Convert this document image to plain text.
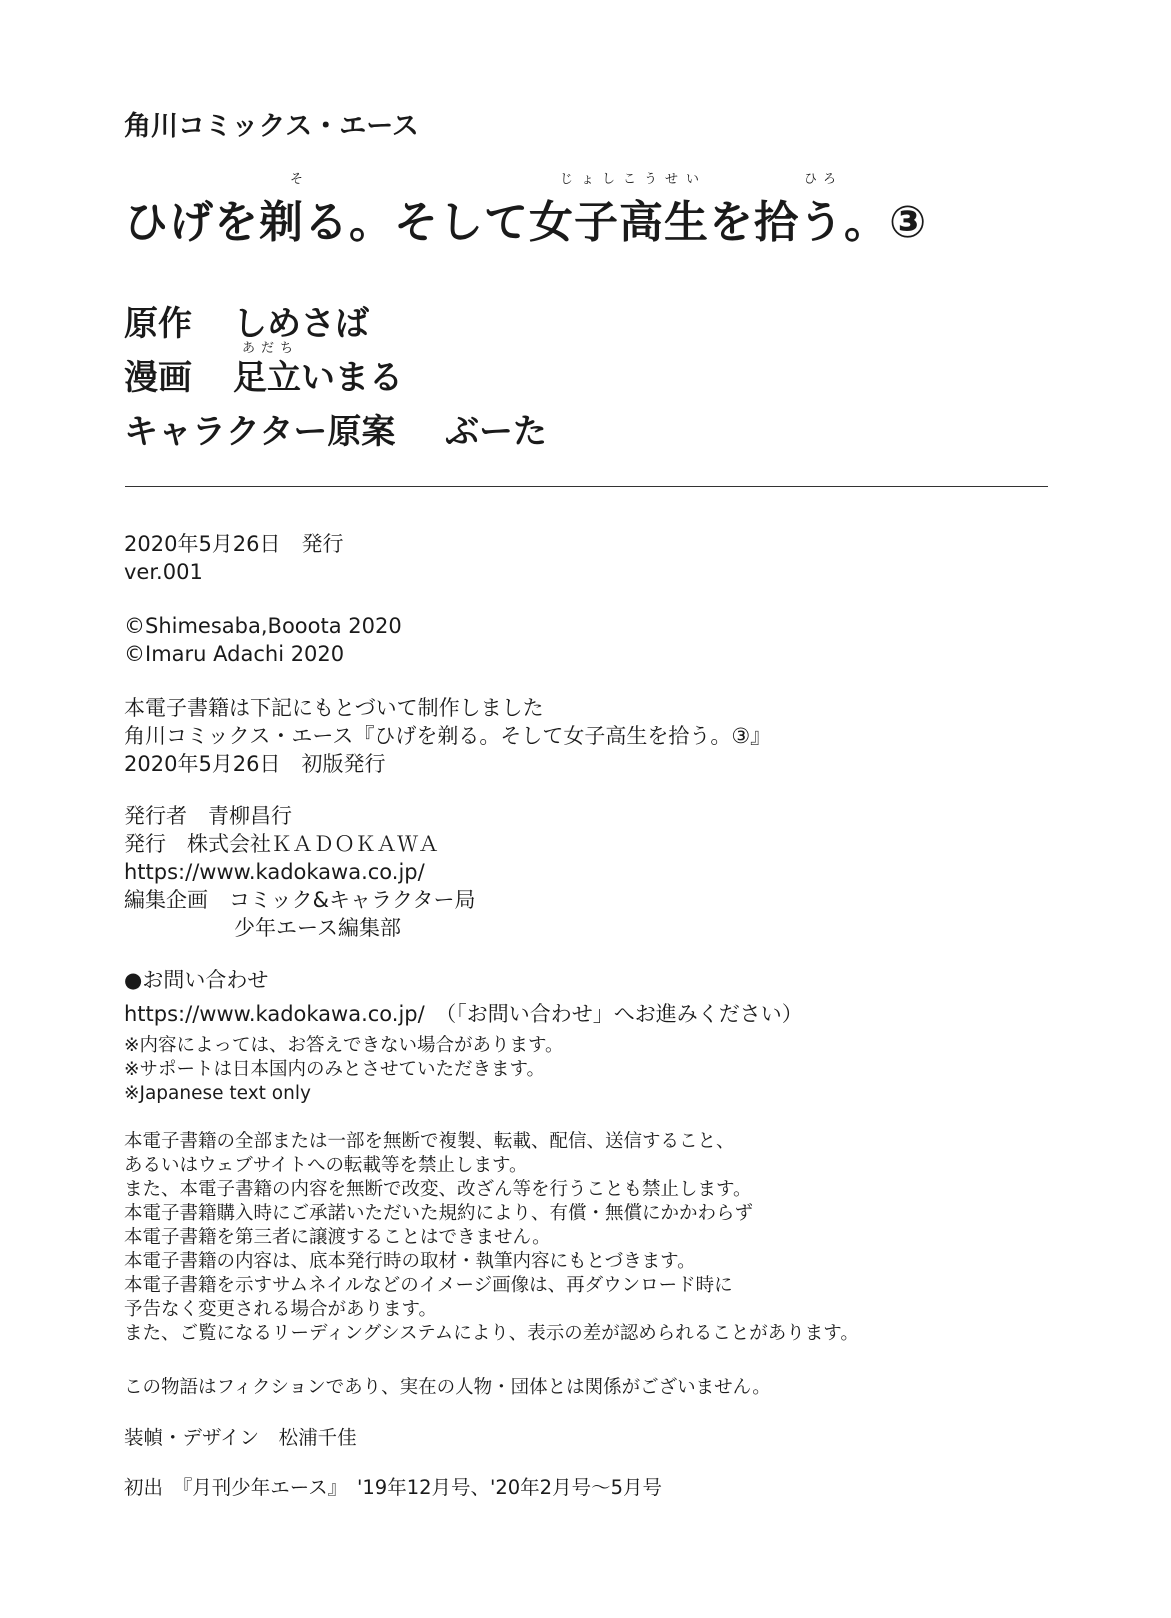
角川コミックス・エース
そ	じょしこうせい	ひろ
ひげを剃る。そして女子高生を拾う。③
原作 しめさば
あだち
漫画 足立いまる
キャラクター原案 ぶーた
2020年5月26日　発行
ver.001
©Shimesaba,Booota 2020
©Imaru Adachi 2020
本電子書籍は下記にもとづいて制作しました
角川コミックス・エース『ひげを剃る。そして女子高生を拾う。③』
2020年5月26日　初版発行
発行者　青柳昌行
発行　株式会社ＫＡＤＯＫＡＷＡ
https://www.kadokawa.co.jp/
編集企画　コミック&キャラクター局
少年エース編集部
●お問い合わせ
https://www.kadokawa.co.jp/　（「お問い合わせ」へお進みください）
※内容によっては、お答えできない場合があります。
※サポートは日本国内のみとさせていただきます。
※Japanese text only
本電子書籍の全部または一部を無断で複製、転載、配信、送信すること、
あるいはウェブサイトへの転載等を禁止します。
また、本電子書籍の内容を無断で改変、改ざん等を行うことも禁止します。
本電子書籍購入時にご承諾いただいた規約により、有償・無償にかかわらず
本電子書籍を第三者に譲渡することはできません。
本電子書籍の内容は、底本発行時の取材・執筆内容にもとづきます。
本電子書籍を示すサムネイルなどのイメージ画像は、再ダウンロード時に
予告なく変更される場合があります。
また、ご覧になるリーディングシステムにより、表示の差が認められることがあります。
この物語はフィクションであり、実在の人物・団体とは関係がございません。
装幀・デザイン　松浦千佳
初出　『月刊少年エース』　'19年12月号、'20年2月号～5月号
